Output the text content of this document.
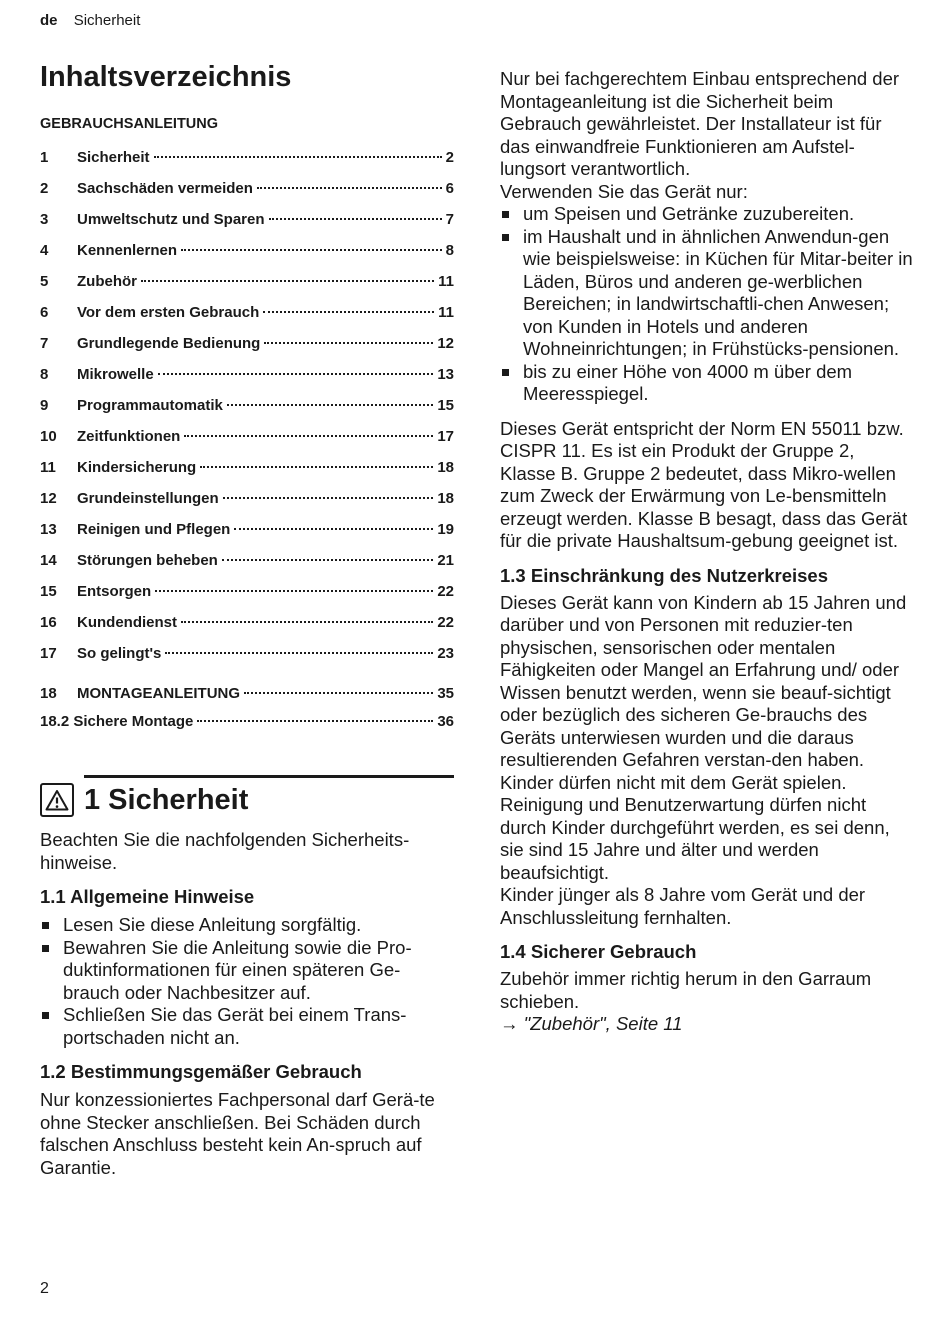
de Sicherheit
Inhaltsverzeichnis
GEBRAUCHSANLEITUNG
1	Sicherheit	2
2	Sachschäden vermeiden	6
3	Umweltschutz und Sparen	7
4	Kennenlernen	8
5	Zubehör	11
6	Vor dem ersten Gebrauch	11
7	Grundlegende Bedienung	12
8	Mikrowelle	13
9	Programmautomatik	15
10	Zeitfunktionen	17
11	Kindersicherung	18
12	Grundeinstellungen	18
13	Reinigen und Pflegen	19
14	Störungen beheben	21
15	Entsorgen	22
16	Kundendienst	22
17	So gelingt's	23
18	MONTAGEANLEITUNG	35
18.2 Sichere Montage	36
1 Sicherheit

Beachten Sie die nachfolgenden Sicherheits-hinweise.

1.1 Allgemeine Hinweise
Lesen Sie diese Anleitung sorgfältig.
Bewahren Sie die Anleitung sowie die Pro-duktinformationen für einen späteren Ge-brauch oder Nachbesitzer auf.
Schließen Sie das Gerät bei einem Trans-portschaden nicht an.
1.2 Bestimmungsgemäßer Gebrauch

Nur konzessioniertes Fachpersonal darf Gerä-te ohne Stecker anschließen. Bei Schäden durch falschen Anschluss besteht kein An-spruch auf Garantie.

Nur bei fachgerechtem Einbau entsprechend der Montageanleitung ist die Sicherheit beim Gebrauch gewährleistet. Der Installateur ist für das einwandfreie Funktionieren am Aufstel-lungsort verantwortlich.

Verwenden Sie das Gerät nur:

um Speisen und Getränke zuzubereiten.
im Haushalt und in ähnlichen Anwendun-gen wie beispielsweise: in Küchen für Mitar-beiter in Läden, Büros und anderen ge-werblichen Bereichen; in landwirtschaftli-chen Anwesen; von Kunden in Hotels und anderen Wohneinrichtungen; in Frühstücks-pensionen.
bis zu einer Höhe von 4000 m über dem Meeresspiegel.

Dieses Gerät entspricht der Norm EN 55011 bzw. CISPR 11. Es ist ein Produkt der Gruppe 2, Klasse B. Gruppe 2 bedeutet, dass Mikro-wellen zum Zweck der Erwärmung von Le-bensmitteln erzeugt werden. Klasse B besagt, dass das Gerät für die private Haushaltsum-gebung geeignet ist.

1.3 Einschränkung des Nutzerkreises

Dieses Gerät kann von Kindern ab 15 Jahren und darüber und von Personen mit reduzier-ten physischen, sensorischen oder mentalen Fähigkeiten oder Mangel an Erfahrung und/ oder Wissen benutzt werden, wenn sie beauf-sichtigt oder bezüglich des sicheren Ge-brauchs des Geräts unterwiesen wurden und die daraus resultierenden Gefahren verstan-den haben.

Kinder dürfen nicht mit dem Gerät spielen.

Reinigung und Benutzerwartung dürfen nicht durch Kinder durchgeführt werden, es sei denn, sie sind 15 Jahre und älter und werden beaufsichtigt.

Kinder jünger als 8 Jahre vom Gerät und der Anschlussleitung fernhalten.

1.4 Sicherer Gebrauch

Zubehör immer richtig herum in den Garraum schieben.

→ "Zubehör", Seite 11
2
